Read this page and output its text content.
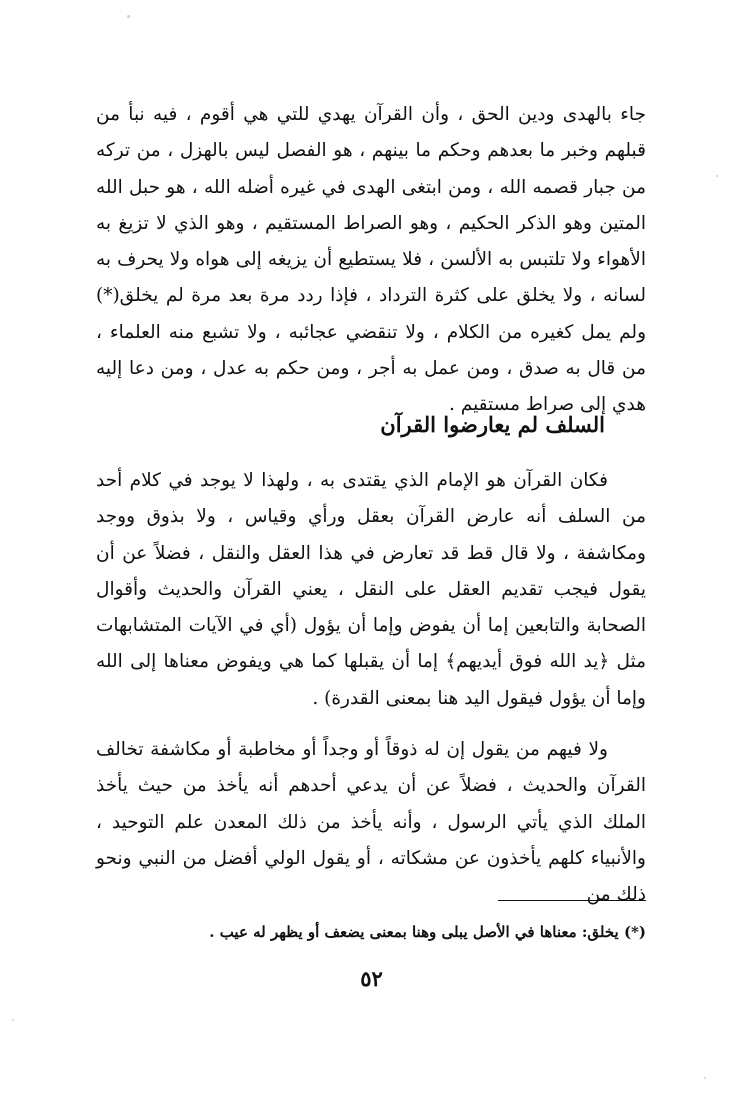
جاء بالهدى ودين الحق ، وأن القرآن يهدي للتي هي أقوم ، فيه نبأ من قبلهم وخبر ما بعدهم وحكم ما بينهم ، هو الفصل ليس بالهزل ، من تركه من جبار قصمه الله ، ومن ابتغى الهدى في غيره أضله الله ، هو حبل الله المتين وهو الذكر الحكيم ، وهو الصراط المستقيم ، وهو الذي لا تزيغ به الأهواء ولا تلتبس به الألسن ، فلا يستطيع أن يزيغه إلى هواه ولا يحرف به لسانه ، ولا يخلق على كثرة الترداد ، فإذا ردد مرة بعد مرة لم يخلق(*) ولم يمل كغيره من الكلام ، ولا تنقضي عجائبه ، ولا تشبع منه العلماء ، من قال به صدق ، ومن عمل به أجر ، ومن حكم به عدل ، ومن دعا إليه هدي إلى صراط مستقيم .

السلف لم يعارضوا القرآن

فكان القرآن هو الإمام الذي يقتدى به ، ولهذا لا يوجد في كلام أحد من السلف أنه عارض القرآن بعقل ورأي وقياس ، ولا بذوق ووجد ومكاشفة ، ولا قال قط قد تعارض في هذا العقل والنقل ، فضلاً عن أن يقول فيجب تقديم العقل على النقل ، يعني القرآن والحديث وأقوال الصحابة والتابعين إما أن يفوض وإما أن يؤول (أي في الآيات المتشابهات مثل ﴿يد الله فوق أيديهم﴾ إما أن يقبلها كما هي ويفوض معناها إلى الله وإما أن يؤول فيقول اليد هنا بمعنى القدرة) .

ولا فيهم من يقول إن له ذوقاً أو وجداً أو مخاطبة أو مكاشفة تخالف القرآن والحديث ، فضلاً عن أن يدعي أحدهم أنه يأخذ من حيث يأخذ الملك الذي يأتي الرسول ، وأنه يأخذ من ذلك المعدن علم التوحيد ، والأنبياء كلهم يأخذون عن مشكاته ، أو يقول الولي أفضل من النبي ونحو ذلك من

(*) يخلق: معناها في الأصل يبلى وهنا بمعنى يضعف أو يظهر له عيب .
٥٢
